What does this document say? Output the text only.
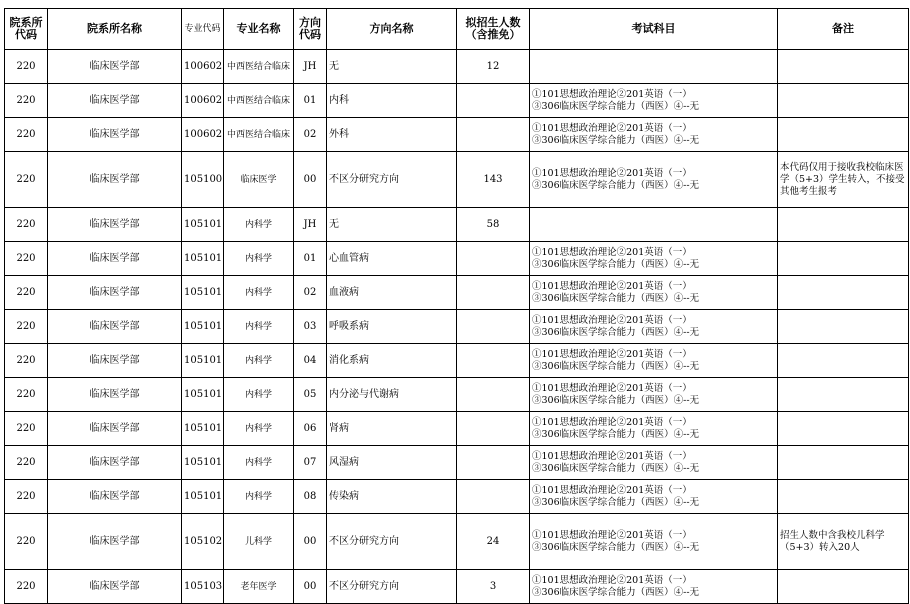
院系所代码	院系所名称	专业代码	专业名称	方向代码	方向名称	拟招生人数（含推免）	考试科目	备注
220	临床医学部	100602	中西医结合临床	JH	无	12	

220	临床医学部	100602	中西医结合临床	01	内科		①101思想政治理论②201英语（一）
③306临床医学综合能力（西医）④--无	

220	临床医学部	100602	中西医结合临床	02	外科		①101思想政治理论②201英语（一）
③306临床医学综合能力（西医）④--无	

220	临床医学部	105100	临床医学	00	不区分研究方向	143	①101思想政治理论②201英语（一）
③306临床医学综合能力（西医）④--无	本代码仅用于接收我校临床医学（5+3）学生转入，不接受其他考生报考
220	临床医学部	105101	内科学	JH	无	58	

220	临床医学部	105101	内科学	01	心血管病		①101思想政治理论②201英语（一）
③306临床医学综合能力（西医）④--无	

220	临床医学部	105101	内科学	02	血液病		①101思想政治理论②201英语（一）
③306临床医学综合能力（西医）④--无	

220	临床医学部	105101	内科学	03	呼吸系病		①101思想政治理论②201英语（一）
③306临床医学综合能力（西医）④--无	

220	临床医学部	105101	内科学	04	消化系病		①101思想政治理论②201英语（一）
③306临床医学综合能力（西医）④--无	

220	临床医学部	105101	内科学	05	内分泌与代谢病		①101思想政治理论②201英语（一）
③306临床医学综合能力（西医）④--无	

220	临床医学部	105101	内科学	06	肾病		①101思想政治理论②201英语（一）
③306临床医学综合能力（西医）④--无	

220	临床医学部	105101	内科学	07	风湿病		①101思想政治理论②201英语（一）
③306临床医学综合能力（西医）④--无	

220	临床医学部	105101	内科学	08	传染病		①101思想政治理论②201英语（一）
③306临床医学综合能力（西医）④--无	

220	临床医学部	105102	儿科学	00	不区分研究方向	24	①101思想政治理论②201英语（一）
③306临床医学综合能力（西医）④--无	招生人数中含我校儿科学（5+3）转入20人
220	临床医学部	105103	老年医学	00	不区分研究方向	3	①101思想政治理论②201英语（一）
③306临床医学综合能力（西医）④--无	
